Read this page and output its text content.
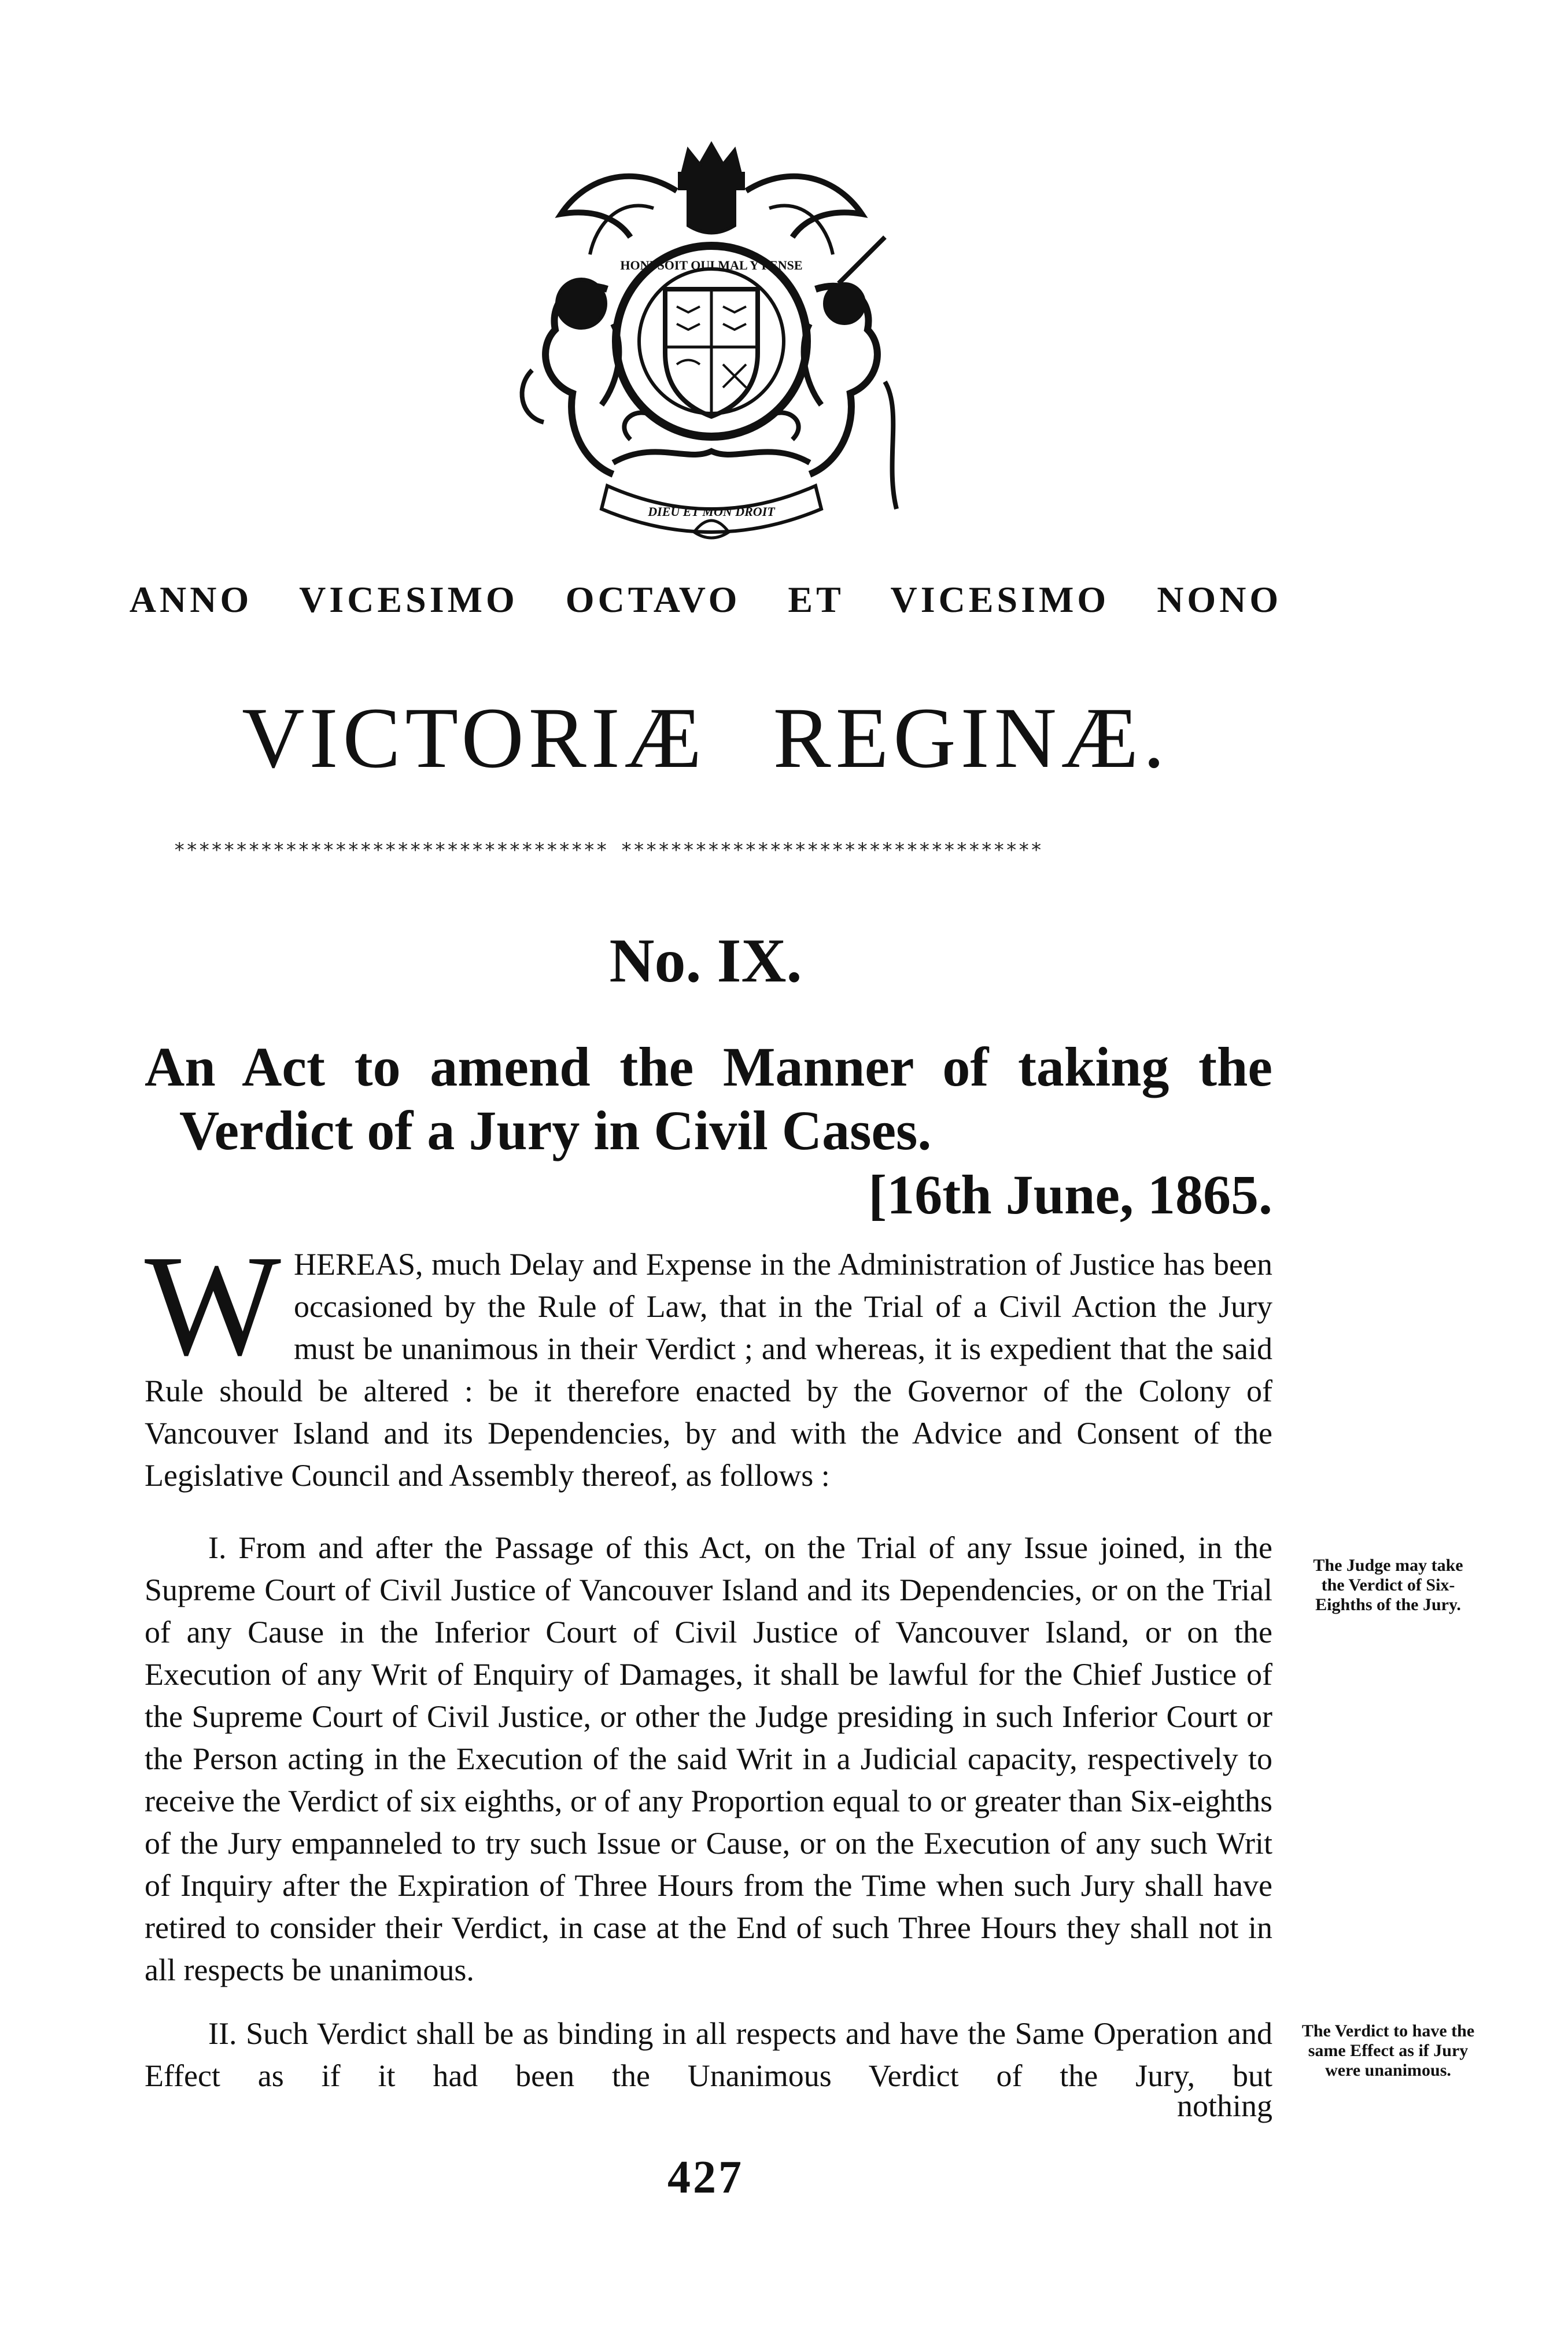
HONI SOIT QUI MAL Y PENSE
DIEU ET MON DROIT
ANNO VICESIMO OCTAVO ET VICESIMO NONO
VICTORIÆ REGINÆ.
*********************************** **********************************
No. IX.
An Act to amend the Manner of taking the
Verdict of a Jury in Civil Cases.
[16th June, 1865.
W HEREAS, much Delay and Expense in the Administration of Justice has been occasioned by the Rule of Law, that in the Trial of a Civil Action the Jury must be unanimous in their Verdict ; and whereas, it is expedient that the said Rule should be altered : be it therefore enacted by the Governor of the Colony of Vancouver Island and its Dependencies, by and with the Advice and Consent of the Legislative Council and Assembly thereof, as follows :

I. From and after the Passage of this Act, on the Trial of any Issue joined, in the Supreme Court of Civil Justice of Vancouver Island and its Dependencies, or on the Trial of any Cause in the Inferior Court of Civil Justice of Vancouver Island, or on the Execution of any Writ of Enquiry of Damages, it shall be lawful for the Chief Justice of the Supreme Court of Civil Justice, or other the Judge presiding in such Inferior Court or the Person acting in the Execution of the said Writ in a Judicial capacity, respectively to receive the Verdict of six eighths, or of any Proportion equal to or greater than Six-eighths of the Jury empanneled to try such Issue or Cause, or on the Execution of any such Writ of Inquiry after the Expiration of Three Hours from the Time when such Jury shall have retired to consider their Verdict, in case at the End of such Three Hours they shall not in all respects be unanimous.

The Judge may take the Verdict of Six-Eighths of the Jury.

II. Such Verdict shall be as binding in all respects and have the Same Operation and Effect as if it had been the Unanimous Verdict of the Jury, but

nothing
The Verdict to have the same Effect as if Jury were unanimous.
427
